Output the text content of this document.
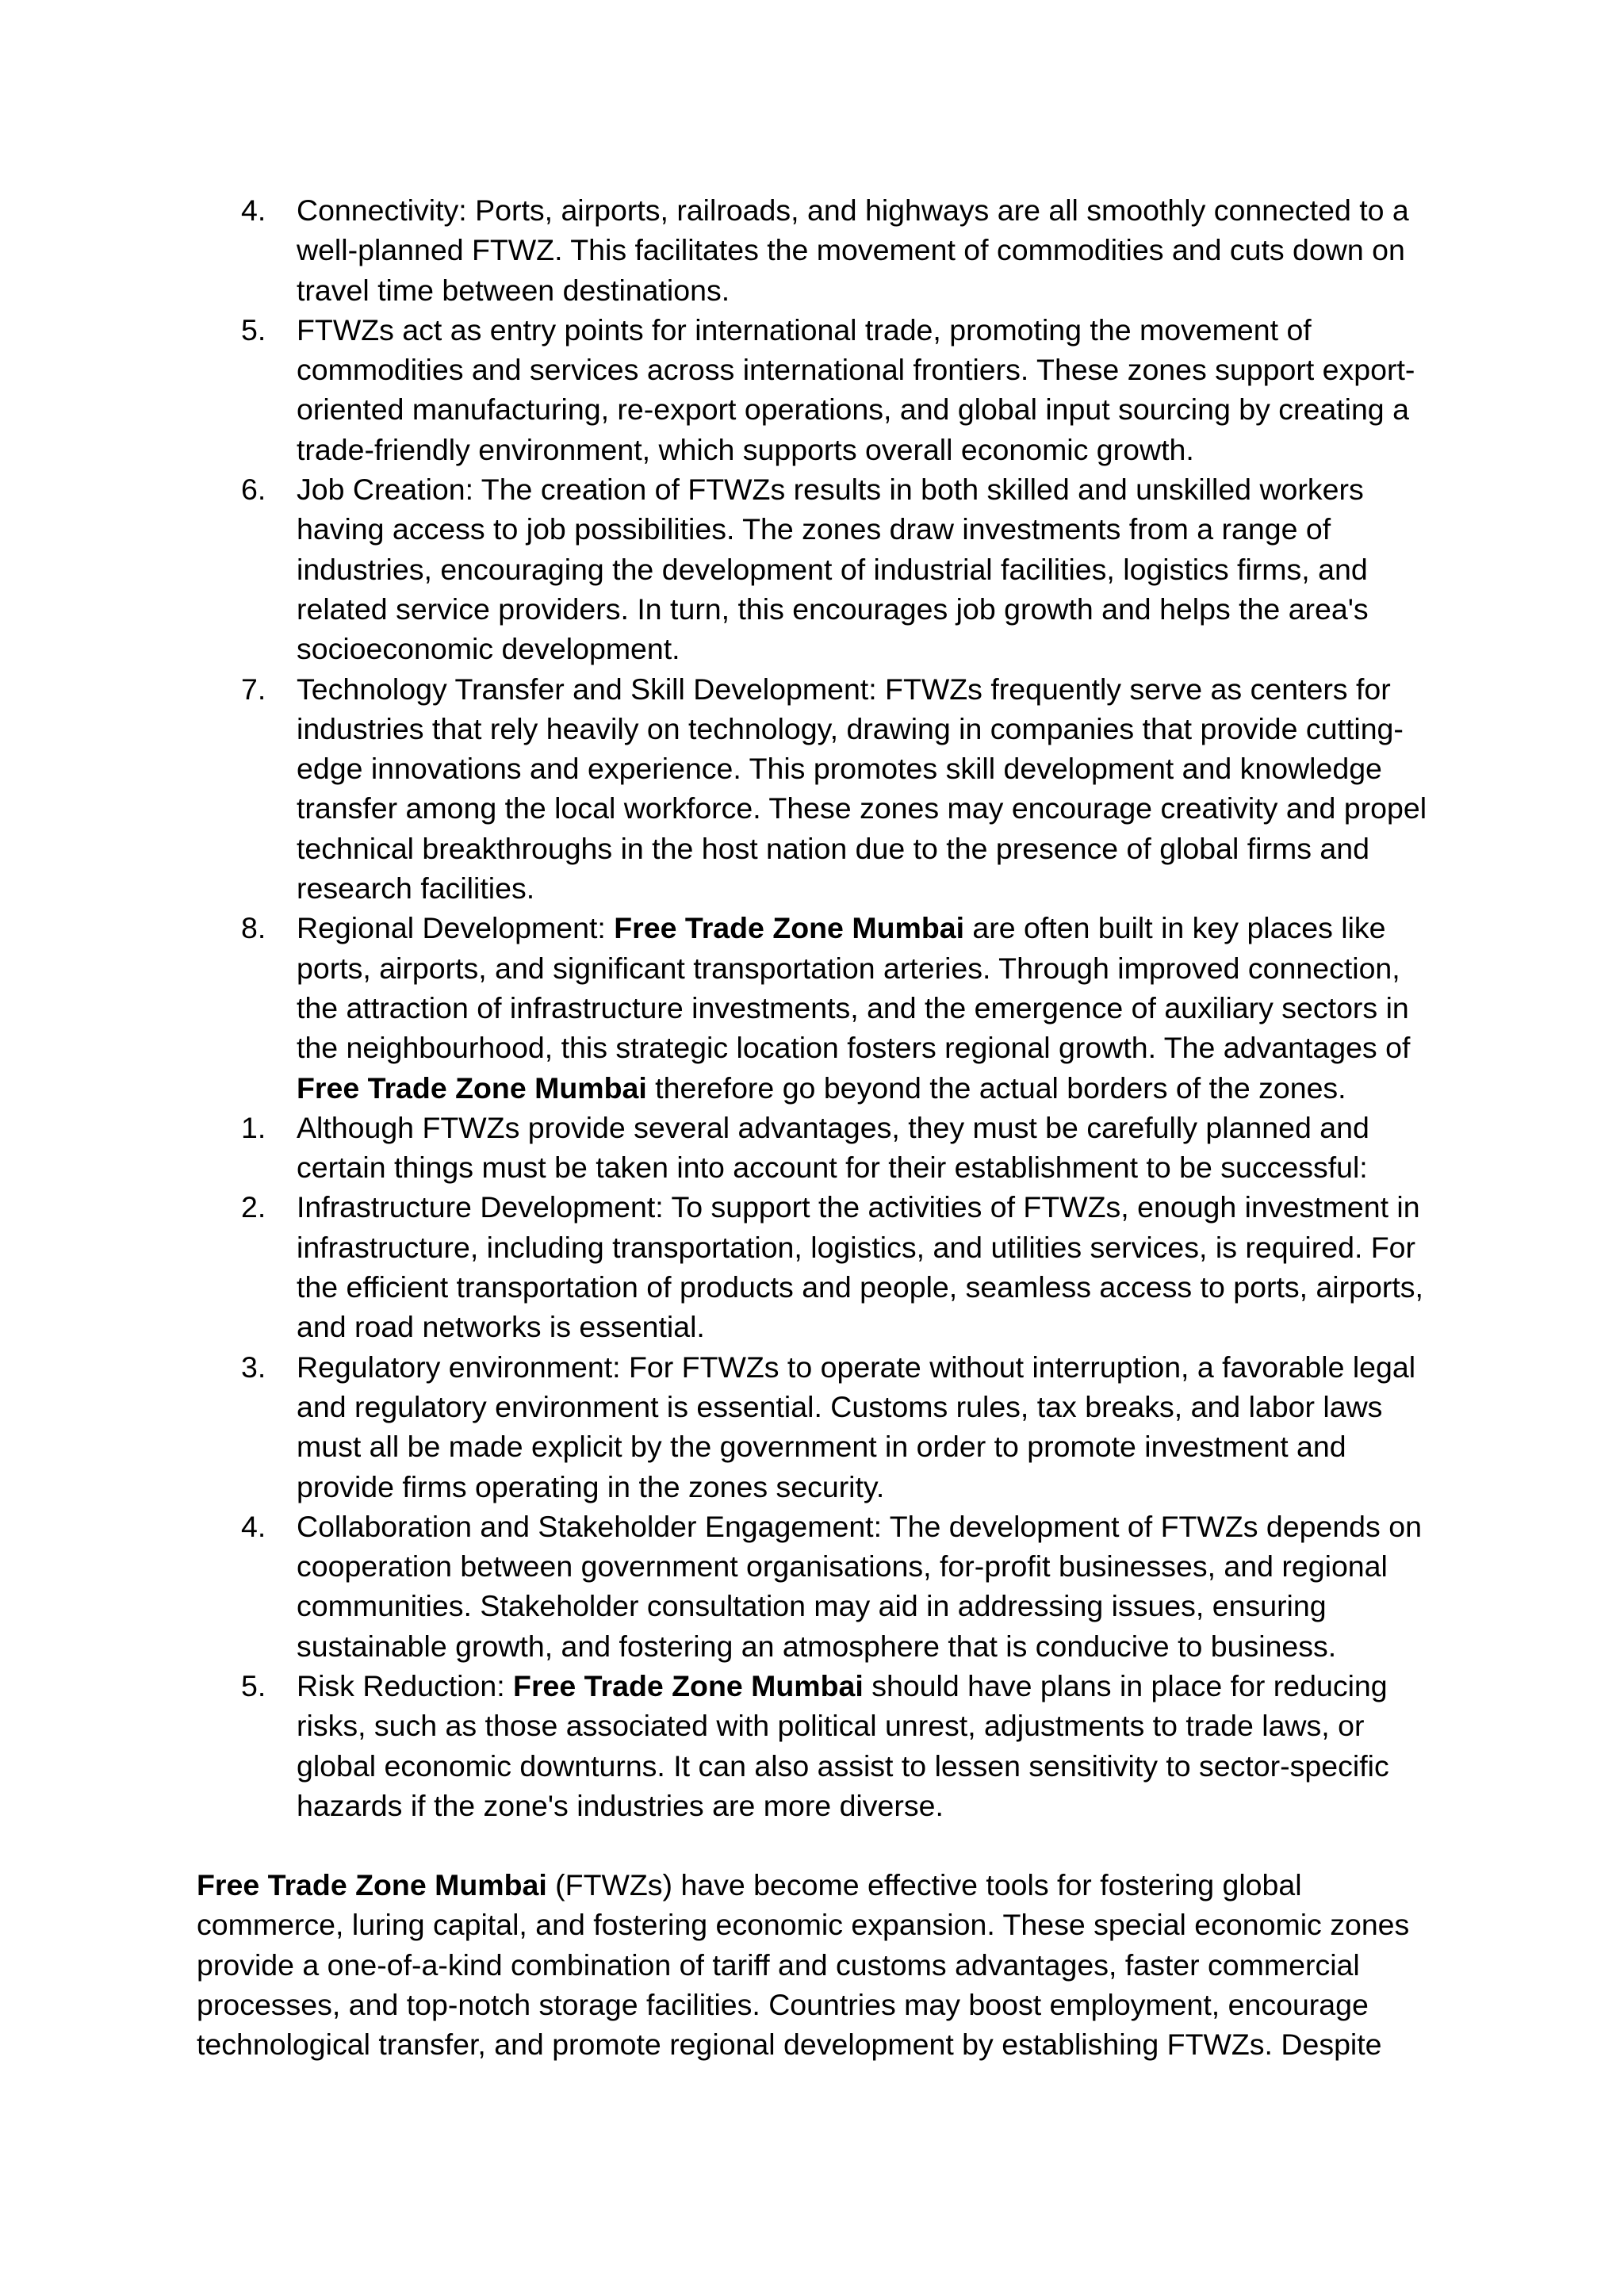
4.	Connectivity: Ports, airports, railroads, and highways are all smoothly connected to a well-planned FTWZ. This facilitates the movement of commodities and cuts down on travel time between destinations.
5.	FTWZs act as entry points for international trade, promoting the movement of commodities and services across international frontiers. These zones support export-oriented manufacturing, re-export operations, and global input sourcing by creating a trade-friendly environment, which supports overall economic growth.
6.	Job Creation: The creation of FTWZs results in both skilled and unskilled workers having access to job possibilities. The zones draw investments from a range of industries, encouraging the development of industrial facilities, logistics firms, and related service providers. In turn, this encourages job growth and helps the area's socioeconomic development.
7.	Technology Transfer and Skill Development: FTWZs frequently serve as centers for industries that rely heavily on technology, drawing in companies that provide cutting-edge innovations and experience. This promotes skill development and knowledge transfer among the local workforce. These zones may encourage creativity and propel technical breakthroughs in the host nation due to the presence of global firms and research facilities.
8.	Regional Development: Free Trade Zone Mumbai are often built in key places like ports, airports, and significant transportation arteries. Through improved connection, the attraction of infrastructure investments, and the emergence of auxiliary sectors in the neighbourhood, this strategic location fosters regional growth. The advantages of Free Trade Zone Mumbai therefore go beyond the actual borders of the zones.
1.	Although FTWZs provide several advantages, they must be carefully planned and certain things must be taken into account for their establishment to be successful:
2.	Infrastructure Development: To support the activities of FTWZs, enough investment in infrastructure, including transportation, logistics, and utilities services, is required. For the efficient transportation of products and people, seamless access to ports, airports, and road networks is essential.
3.	Regulatory environment: For FTWZs to operate without interruption, a favorable legal and regulatory environment is essential. Customs rules, tax breaks, and labor laws must all be made explicit by the government in order to promote investment and provide firms operating in the zones security.
4.	Collaboration and Stakeholder Engagement: The development of FTWZs depends on cooperation between government organisations, for-profit businesses, and regional communities. Stakeholder consultation may aid in addressing issues, ensuring sustainable growth, and fostering an atmosphere that is conducive to business.
5.	Risk Reduction: Free Trade Zone Mumbai should have plans in place for reducing risks, such as those associated with political unrest, adjustments to trade laws, or global economic downturns. It can also assist to lessen sensitivity to sector-specific hazards if the zone's industries are more diverse.

Free Trade Zone Mumbai (FTWZs) have become effective tools for fostering global commerce, luring capital, and fostering economic expansion. These special economic zones provide a one-of-a-kind combination of tariff and customs advantages, faster commercial processes, and top-notch storage facilities. Countries may boost employment, encourage technological transfer, and promote regional development by establishing FTWZs. Despite
